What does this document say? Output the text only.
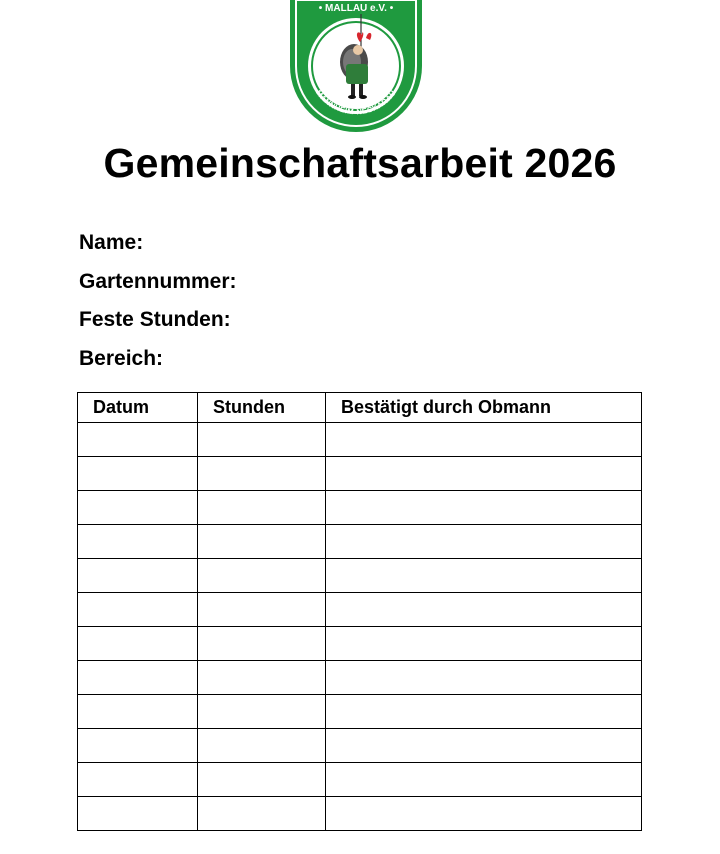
• MALLAU e.V. •
MANNHEIM-NECKARAU
Gemeinschaftsarbeit 2026
Name:
Gartennummer:
Feste Stunden:
Bereich:
Datum	Stunden	Bestätigt durch Obmann
